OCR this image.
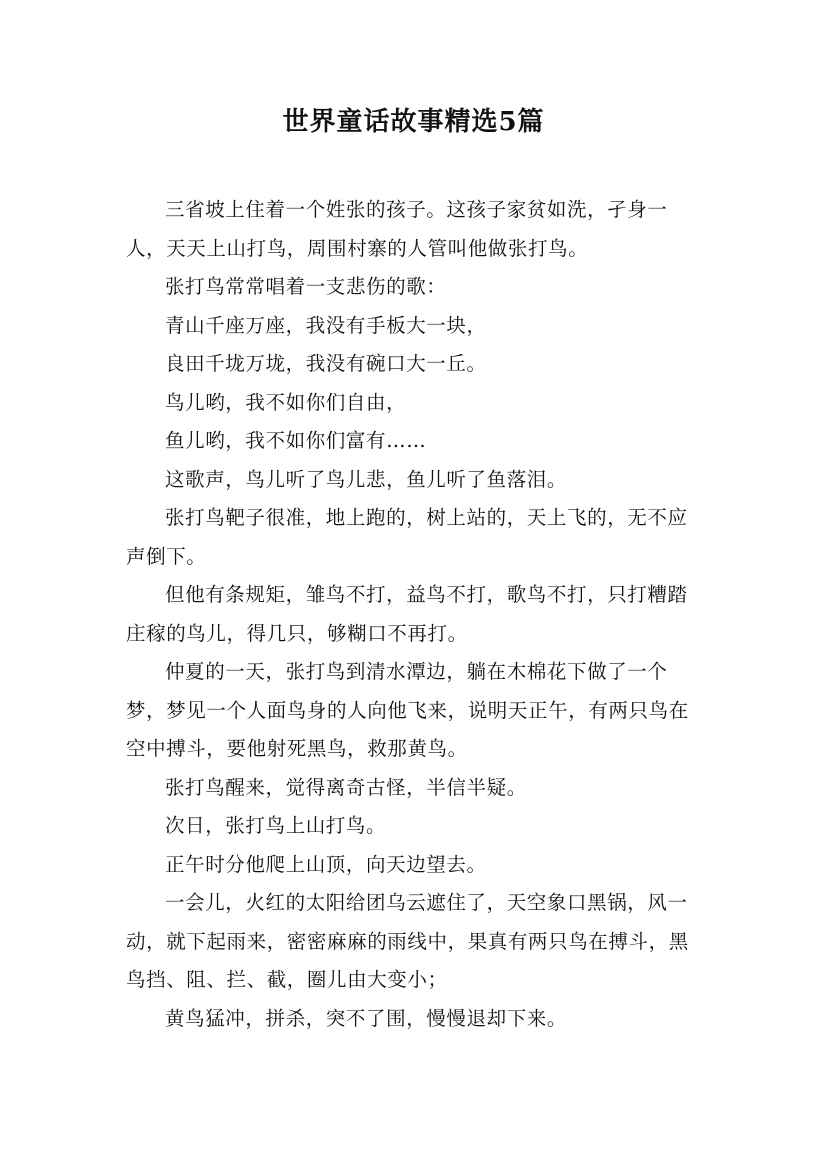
世界童话故事精选5篇

三省坡上住着一个姓张的孩子。这孩子家贫如洗，孑身一人，天天上山打鸟，周围村寨的人管叫他做张打鸟。

张打鸟常常唱着一支悲伤的歌：

青山千座万座，我没有手板大一块，

良田千垅万垅，我没有碗口大一丘。

鸟儿哟，我不如你们自由，

鱼儿哟，我不如你们富有……

这歌声，鸟儿听了鸟儿悲，鱼儿听了鱼落泪。

张打鸟靶子很准，地上跑的，树上站的，天上飞的，无不应声倒下。

但他有条规矩，雏鸟不打，益鸟不打，歌鸟不打，只打糟踏庄稼的鸟儿，得几只，够糊口不再打。

仲夏的一天，张打鸟到清水潭边，躺在木棉花下做了一个梦，梦见一个人面鸟身的人向他飞来，说明天正午，有两只鸟在空中搏斗，要他射死黑鸟，救那黄鸟。

张打鸟醒来，觉得离奇古怪，半信半疑。

次日，张打鸟上山打鸟。

正午时分他爬上山顶，向天边望去。

一会儿，火红的太阳给团乌云遮住了，天空象口黑锅，风一动，就下起雨来，密密麻麻的雨线中，果真有两只鸟在搏斗，黑鸟挡、阻、拦、截，圈儿由大变小；

黄鸟猛冲，拼杀，突不了围，慢慢退却下来。
